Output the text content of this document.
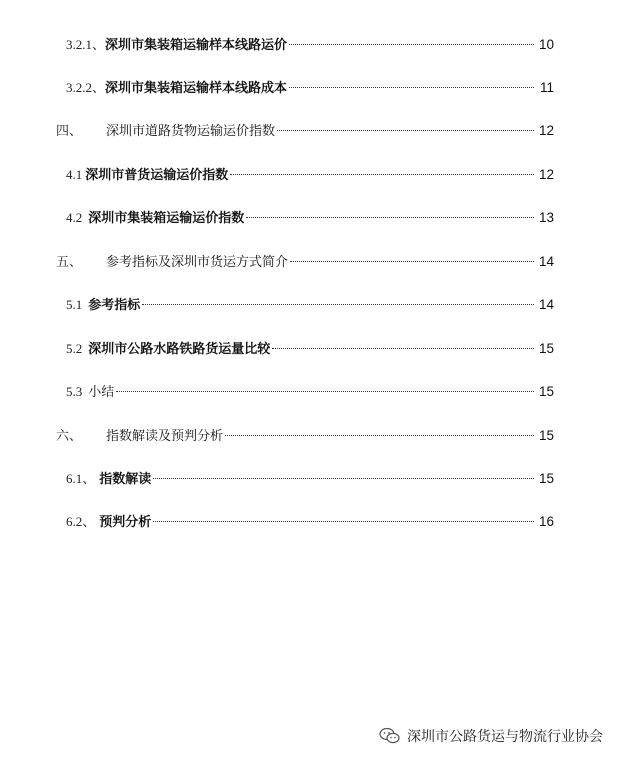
3.2.1、 深圳市集装箱运输样本线路运价	10
3.2.2、 深圳市集装箱运输样本线路成本	11
四、	深圳市道路货物运输运价指数	12
4.1 深圳市普货运输运价指数	12
4.2 深圳市集装箱运输运价指数	13
五、	参考指标及深圳市货运方式简介	14
5.1 参考指标	14
5.2 深圳市公路水路铁路货运量比较	15
5.3 小结	15
六、	指数解读及预判分析	15
6.1、 指数解读	15
6.2、 预判分析	16
深圳市公路货运与物流行业协会
